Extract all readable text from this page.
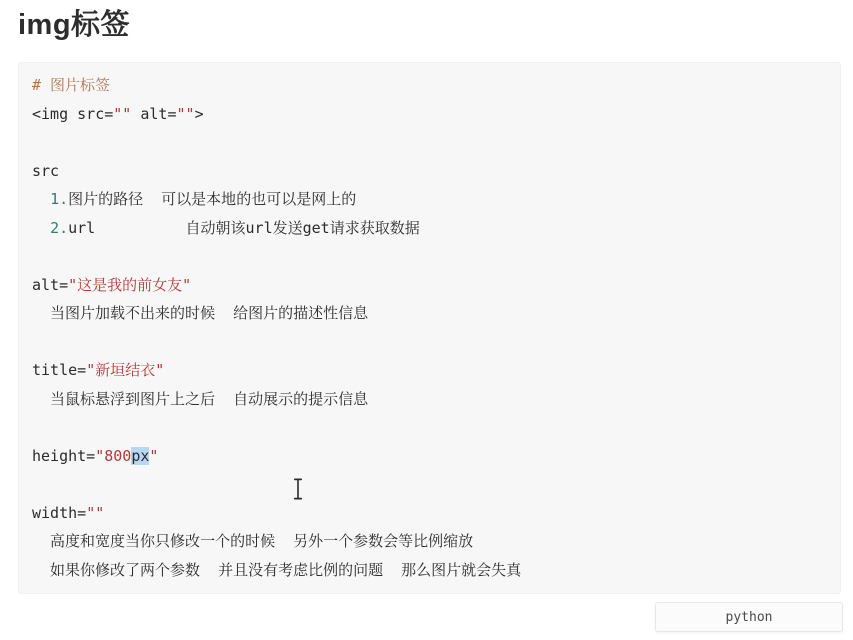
img标签
# 图片标签
<img src="" alt="">
src
1.图片的路径  可以是本地的也可以是网上的
2.url          自动朝该url发送get请求获取数据
alt="这是我的前女友"
当图片加载不出来的时候  给图片的描述性信息
title="新垣结衣"
当鼠标悬浮到图片上之后  自动展示的提示信息
height="800px"
width=""
高度和宽度当你只修改一个的时候  另外一个参数会等比例缩放
如果你修改了两个参数  并且没有考虑比例的问题  那么图片就会失真
python
